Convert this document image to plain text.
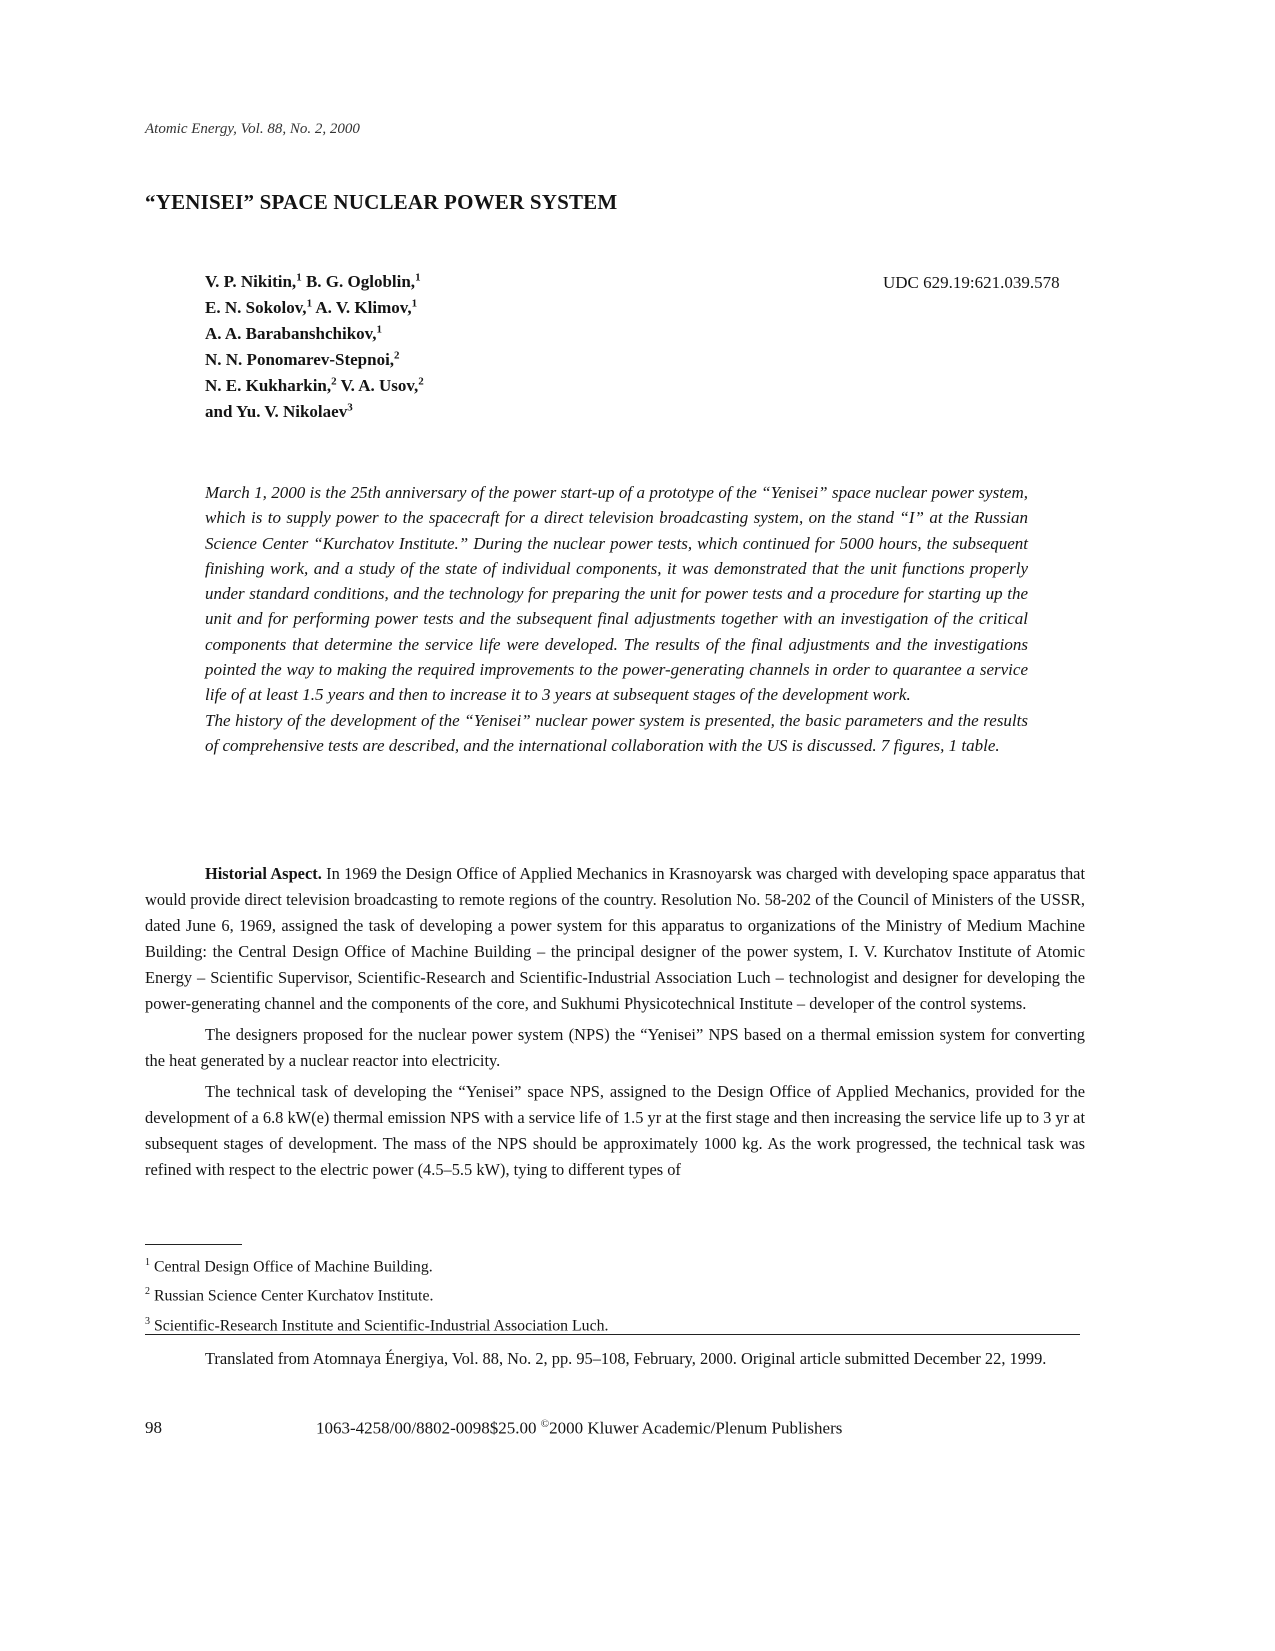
Atomic Energy, Vol. 88, No. 2, 2000
“YENISEI” SPACE NUCLEAR POWER SYSTEM
V. P. Nikitin,$^1$ B. G. Ogloblin,$^1$
E. N. Sokolov,$^1$ A. V. Klimov,$^1$
A. A. Barabanshchikov,$^1$
N. N. Ponomarev-Stepnoi,$^2$
N. E. Kukharkin,$^2$ V. A. Usov,$^2$
and Yu. V. Nikolaev$^3$
UDC 629.19:621.039.578

March 1, 2000 is the 25th anniversary of the power start-up of a prototype of the “Yenisei” space nuclear power system, which is to supply power to the spacecraft for a direct television broadcasting system, on the stand “I” at the Russian Science Center “Kurchatov Institute.” During the nuclear power tests, which continued for 5000 hours, the subsequent finishing work, and a study of the state of individual components, it was demonstrated that the unit functions properly under standard conditions, and the technology for preparing the unit for power tests and a procedure for starting up the unit and for performing power tests and the subsequent final adjustments together with an investigation of the critical components that determine the service life were developed. The results of the final adjustments and the investigations pointed the way to making the required improvements to the power-generating channels in order to quarantee a service life of at least 1.5 years and then to increase it to 3 years at subsequent stages of the development work.

The history of the development of the “Yenisei” nuclear power system is presented, the basic parameters and the results of comprehensive tests are described, and the international collaboration with the US is discussed. 7 figures, 1 table.

Historial Aspect. In 1969 the Design Office of Applied Mechanics in Krasnoyarsk was charged with developing space apparatus that would provide direct television broadcasting to remote regions of the country. Resolution No. 58-202 of the Council of Ministers of the USSR, dated June 6, 1969, assigned the task of developing a power system for this apparatus to organizations of the Ministry of Medium Machine Building: the Central Design Office of Machine Building – the principal designer of the power system, I. V. Kurchatov Institute of Atomic Energy – Scientific Supervisor, Scientific-Research and Scientific-Industrial Association Luch – technologist and designer for developing the power-generating channel and the components of the core, and Sukhumi Physicotechnical Institute – developer of the control systems.

The designers proposed for the nuclear power system (NPS) the “Yenisei” NPS based on a thermal emission system for converting the heat generated by a nuclear reactor into electricity.

The technical task of developing the “Yenisei” space NPS, assigned to the Design Office of Applied Mechanics, provided for the development of a 6.8 kW(e) thermal emission NPS with a service life of 1.5 yr at the first stage and then increasing the service life up to 3 yr at subsequent stages of development. The mass of the NPS should be approximately 1000 kg. As the work progressed, the technical task was refined with respect to the electric power (4.5–5.5 kW), tying to different types of

$^1$ Central Design Office of Machine Building.
$^2$ Russian Science Center Kurchatov Institute.
$^3$ Scientific-Research Institute and Scientific-Industrial Association Luch.
Translated from Atomnaya Énergiya, Vol. 88, No. 2, pp. 95–108, February, 2000. Original article submitted December 22, 1999.
98	1063-4258/00/8802-0098$25.00 ©2000 Kluwer Academic/Plenum Publishers
